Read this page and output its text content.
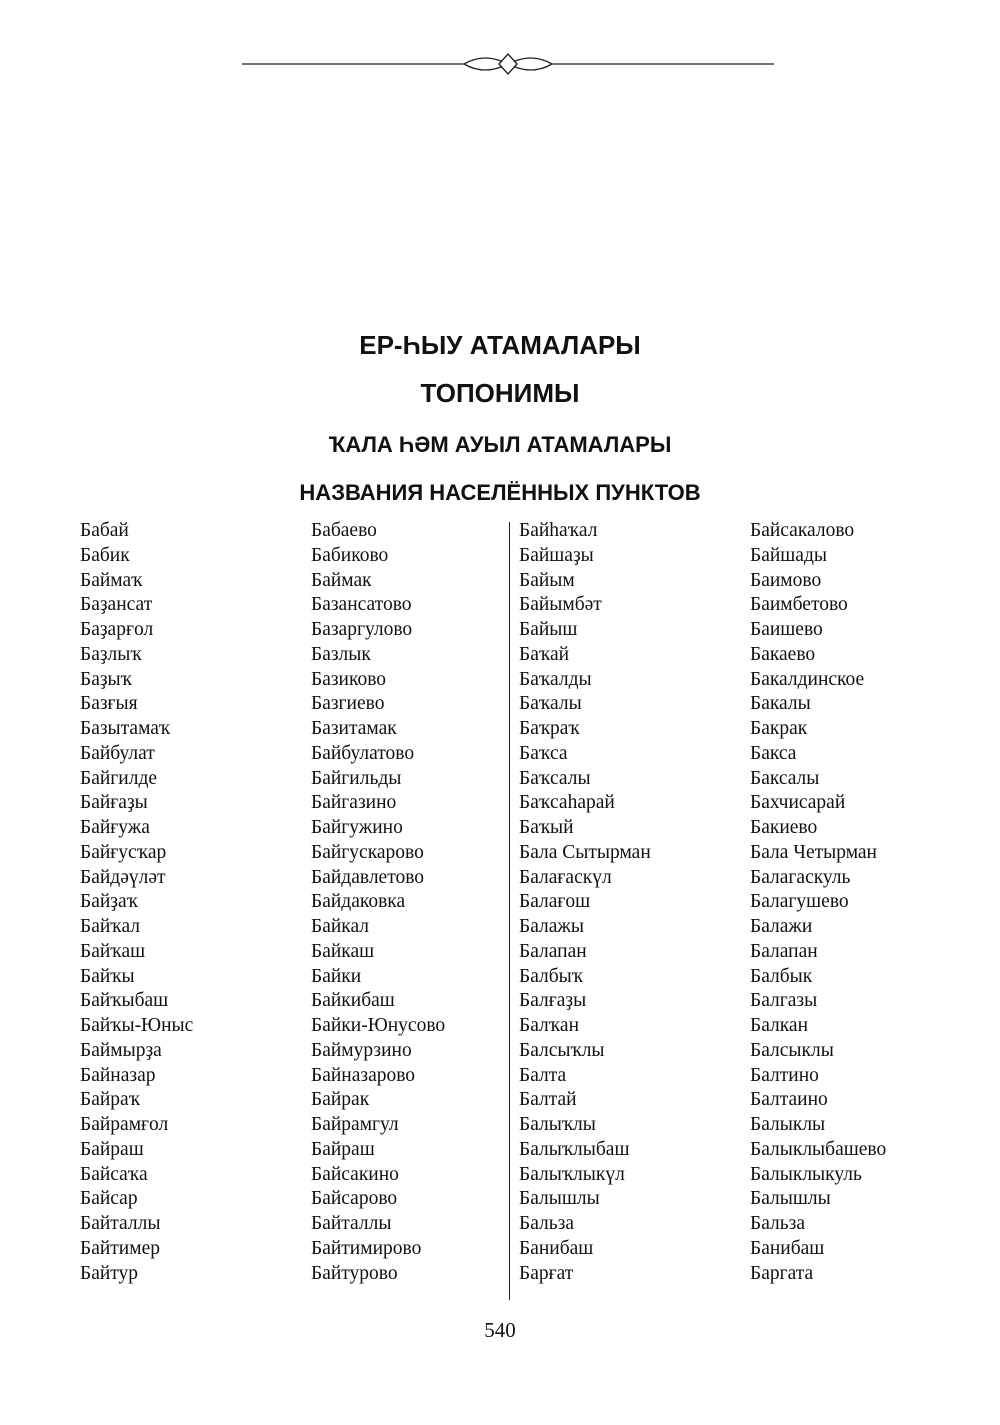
ЕР-ҺЫУ АТАМАЛАРЫ
ТОПОНИМЫ
ҠАЛА ҺӘМ АУЫЛ АТАМАЛАРЫ
НАЗВАНИЯ НАСЕЛЁННЫХ ПУНКТОВ
Бабай
Бабик
Баймаҡ
Баҙансат
Баҙарғол
Баҙлыҡ
Баҙыҡ
Базғыя
Базытамаҡ
Байбулат
Байгилде
Байғаҙы
Байғужа
Байғусҡар
Байдәүләт
Байҙаҡ
Байҡал
Байҡаш
Байҡы
Байҡыбаш
Байҡы-Юныс
Баймырҙа
Байназар
Байраҡ
Байрамғол
Байраш
Байсаҡа
Байсар
Байталлы
Байтимер
Байтур
Бабаево
Бабиково
Баймак
Базансатово
Базаргулово
Базлык
Базиково
Базгиево
Базитамак
Байбулатово
Байгильды
Байгазино
Байгужино
Байгускарово
Байдавлетово
Байдаковка
Байкал
Байкаш
Байки
Байкибаш
Байки-Юнусово
Баймурзино
Байназарово
Байрак
Байрамгул
Байраш
Байсакино
Байсарово
Байталлы
Байтимирово
Байтурово
Байһаҡал
Байшаҙы
Байым
Байымбәт
Байыш
Баҡай
Баҡалды
Баҡалы
Баҡраҡ
Баҡса
Баҡсалы
Баҡсаһарай
Баҡый
Бала Сытырман
Балағаскүл
Балағош
Балажы
Балапан
Балбыҡ
Балғаҙы
Балҡан
Балсыҡлы
Балта
Балтай
Балыҡлы
Балыҡлыбаш
Балыҡлыкүл
Балышлы
Бальза
Банибаш
Барғат
Байсакалово
Байшады
Баимово
Баимбетово
Баишево
Бакаево
Бакалдинское
Бакалы
Бакрак
Бакса
Баксалы
Бахчисарай
Бакиево
Бала Четырман
Балагаскуль
Балагушево
Балажи
Балапан
Балбык
Балгазы
Балкан
Балсыклы
Балтино
Балтаино
Балыклы
Балыклыбашево
Балыклыкуль
Балышлы
Бальза
Банибаш
Баргата
540
